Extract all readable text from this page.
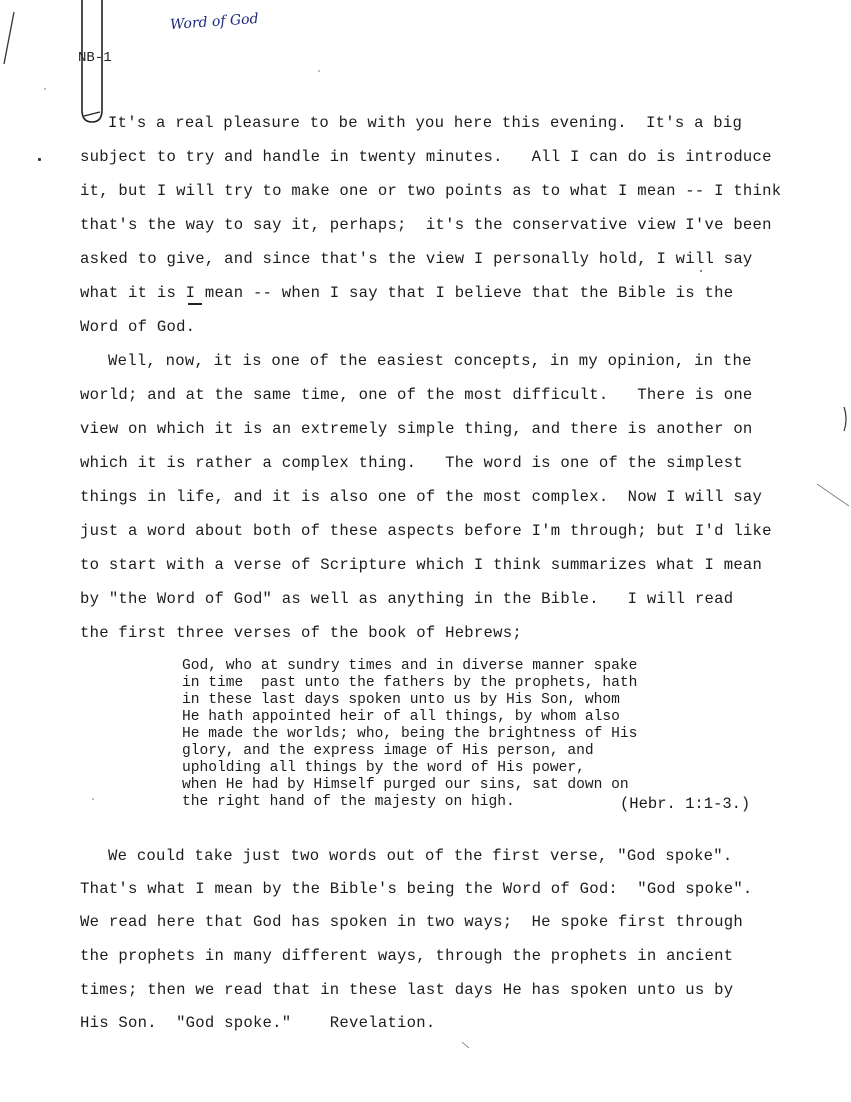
Word of God
NB-1
It's a real pleasure to be with you here this evening.  It's a big
subject to try and handle in twenty minutes.   All I can do is introduce
it, but I will try to make one or two points as to what I mean -- I think
that's the way to say it, perhaps;  it's the conservative view I've been
asked to give, and since that's the view I personally hold, I will say
what it is I mean -- when I say that I believe that the Bible is the
Word of God.
Well, now, it is one of the easiest concepts, in my opinion, in the
world; and at the same time, one of the most difficult.   There is one
view on which it is an extremely simple thing, and there is another on
which it is rather a complex thing.   The word is one of the simplest
things in life, and it is also one of the most complex.  Now I will say
just a word about both of these aspects before I'm through; but I'd like
to start with a verse of Scripture which I think summarizes what I mean
by "the Word of God" as well as anything in the Bible.   I will read
the first three verses of the book of Hebrews;
God, who at sundry times and in diverse manner spake
in time  past unto the fathers by the prophets, hath
in these last days spoken unto us by His Son, whom
He hath appointed heir of all things, by whom also
He made the worlds; who, being the brightness of His
glory, and the express image of His person, and
upholding all things by the word of His power,
when He had by Himself purged our sins, sat down on
the right hand of the majesty on high.	(Hebr. 1:1-3.)
We could take just two words out of the first verse, "God spoke".
That's what I mean by the Bible's being the Word of God:  "God spoke".
We read here that God has spoken in two ways;  He spoke first through
the prophets in many different ways, through the prophets in ancient
times; then we read that in these last days He has spoken unto us by
His Son.  "God spoke."    Revelation.
